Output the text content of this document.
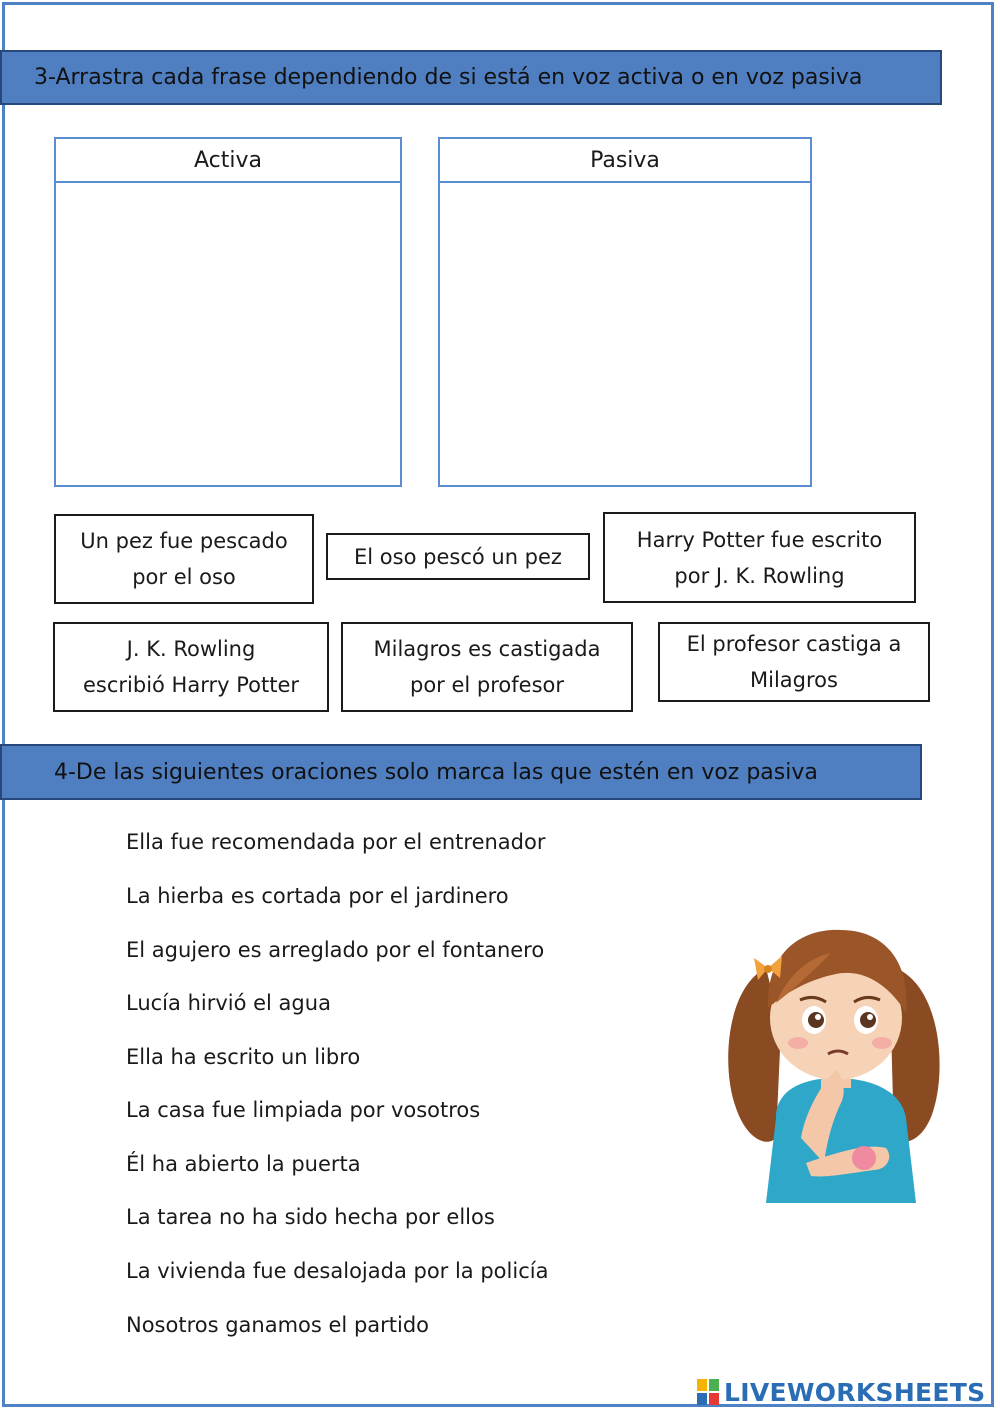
3-Arrastra cada frase dependiendo de si está en voz activa o en voz pasiva
Activa	Pasiva
Un pez fue pescado
por el oso
El oso pescó un pez
Harry Potter fue escrito
por J. K. Rowling
J. K. Rowling
escribió Harry Potter
Milagros es castigada
por el profesor
El profesor castiga a
Milagros
4-De las siguientes oraciones solo marca las que estén en voz pasiva
Ella fue recomendada por el entrenador
La hierba es cortada por el jardinero
El agujero es arreglado por el fontanero
Lucía hirvió el agua
Ella ha escrito un libro
La casa fue limpiada por vosotros
Él ha abierto la puerta
La tarea no ha sido hecha por ellos
La vivienda fue desalojada por la policía
Nosotros ganamos el partido
LIVEWORKSHEETS
